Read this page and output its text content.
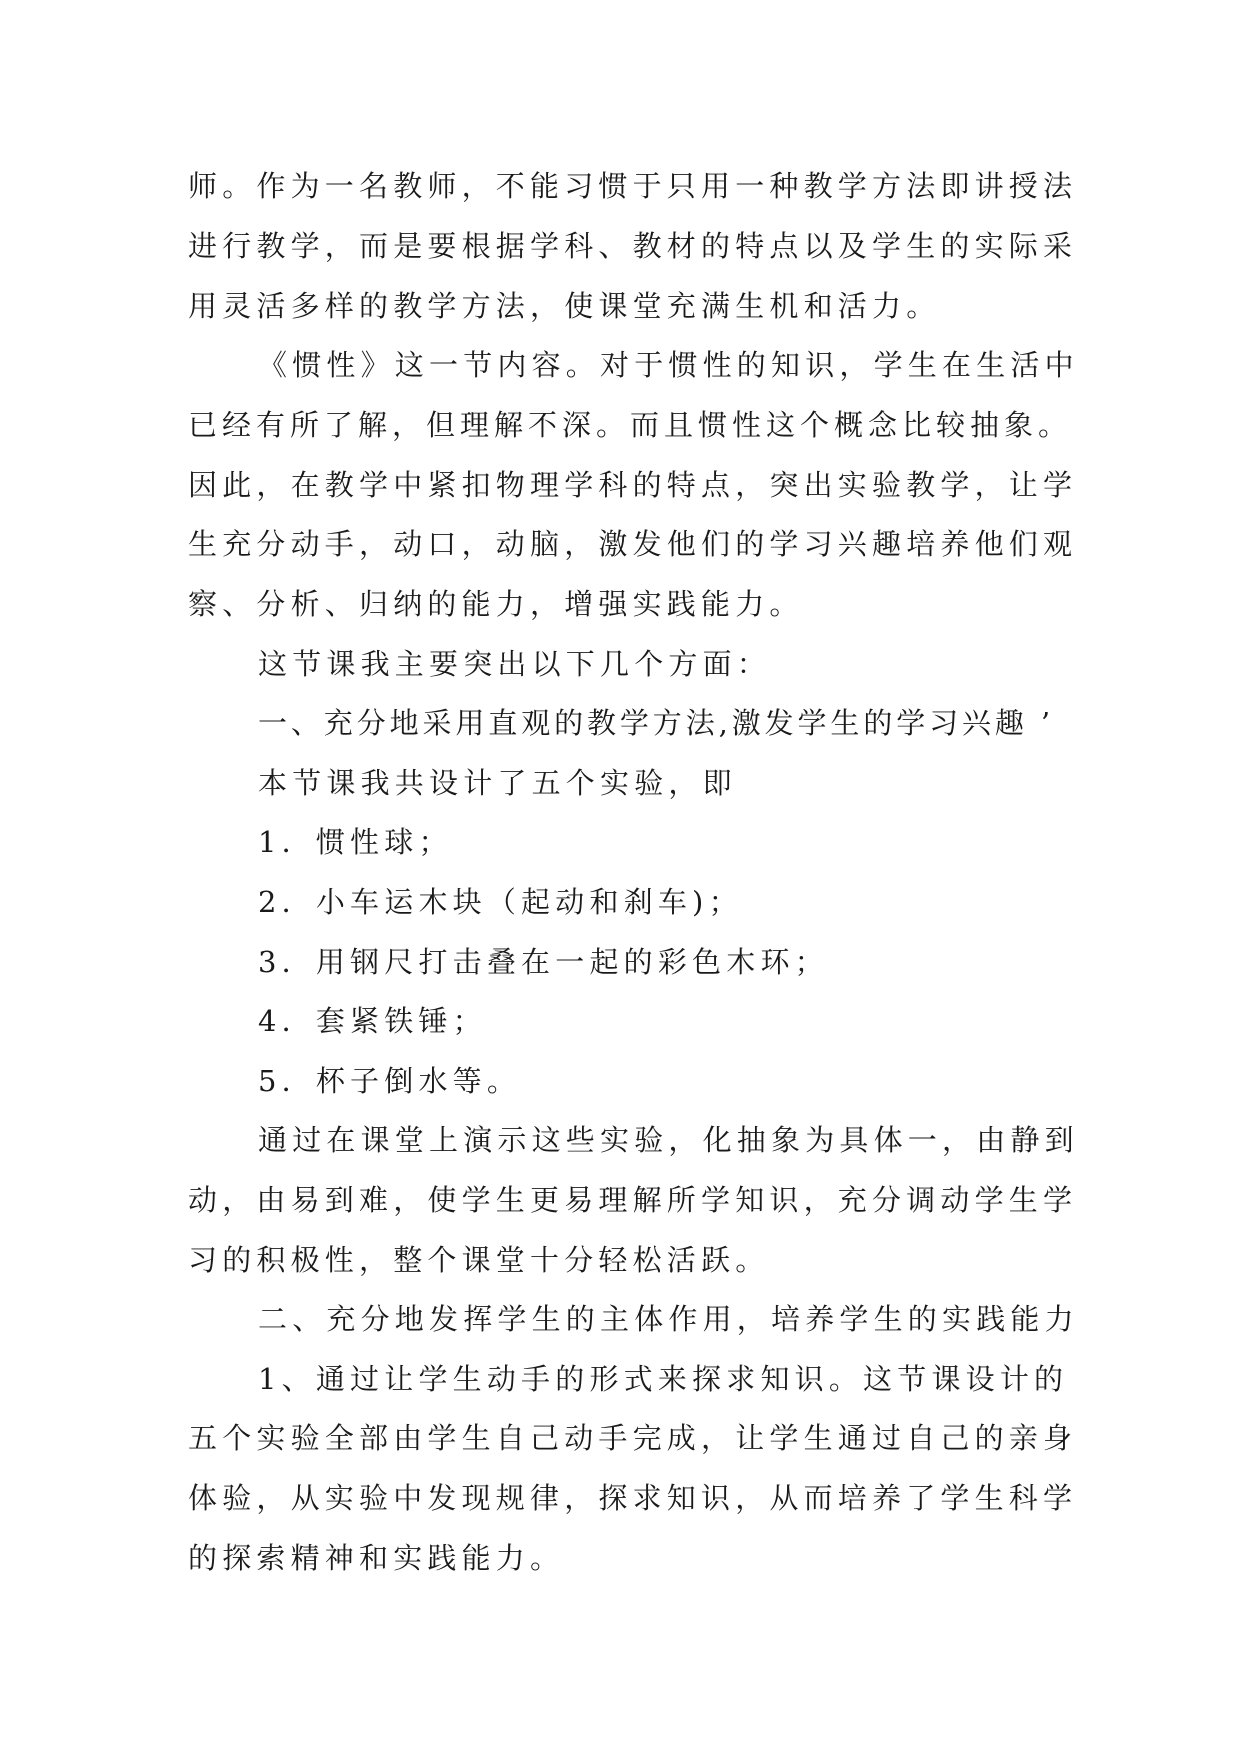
师。作为一名教师，不能习惯于只用一种教学方法即讲授法
进行教学，而是要根据学科、教材的特点以及学生的实际采
用灵活多样的教学方法，使课堂充满生机和活力。
《惯性》这一节内容。对于惯性的知识，学生在生活中
已经有所了解，但理解不深。而且惯性这个概念比较抽象。
因此，在教学中紧扣物理学科的特点，突出实验教学，让学
生充分动手，动口，动脑，激发他们的学习兴趣培养他们观
察、分析、归纳的能力，增强实践能力。
这节课我主要突出以下几个方面：
一、充分地采用直观的教学方法,激发学生的学习兴趣 ’
本节课我共设计了五个实验，即
1．惯性球；
2．小车运木块（起动和刹车)；
3．用钢尺打击叠在一起的彩色木环；
4．套紧铁锤；
5．杯子倒水等。
通过在课堂上演示这些实验，化抽象为具体一，由静到
动，由易到难，使学生更易理解所学知识，充分调动学生学
习的积极性，整个课堂十分轻松活跃。
二、充分地发挥学生的主体作用，培养学生的实践能力
1、通过让学生动手的形式来探求知识。这节课设计的
五个实验全部由学生自己动手完成，让学生通过自己的亲身
体验，从实验中发现规律，探求知识，从而培养了学生科学
的探索精神和实践能力。
